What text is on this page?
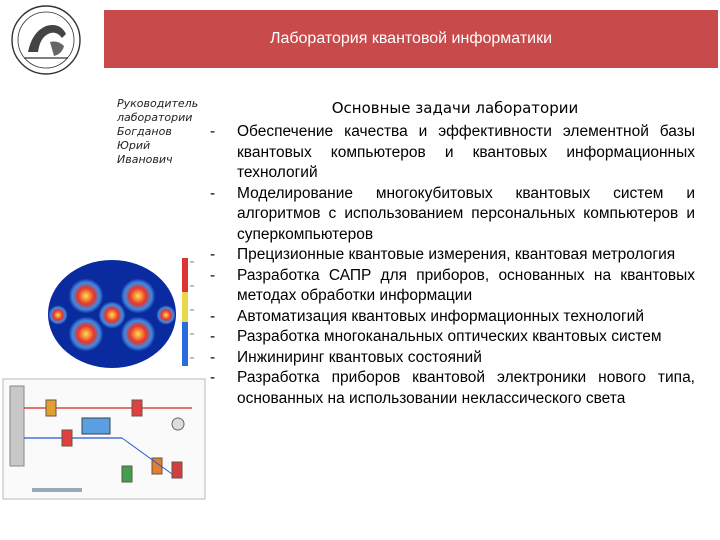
Лаборатория квантовой информатики
Руководитель
лаборатории
Богданов
Юрий
Иванович
Основные задачи лаборатории
- Обеспечение качества и эффективности элементной базы квантовых компьютеров и квантовых информационных технологий
- Моделирование многокубитовых квантовых систем и алгоритмов с использованием персональных компьютеров и суперкомпьютеров
- Прецизионные квантовые измерения, квантовая метрология
- Разработка САПР для приборов, основанных на квантовых методах обработки информации
- Автоматизация квантовых информационных технологий
- Разработка многоканальных оптических квантовых систем
- Инжиниринг квантовых состояний
- Разработка приборов квантовой электроники нового типа, основанных на использовании неклассического света
